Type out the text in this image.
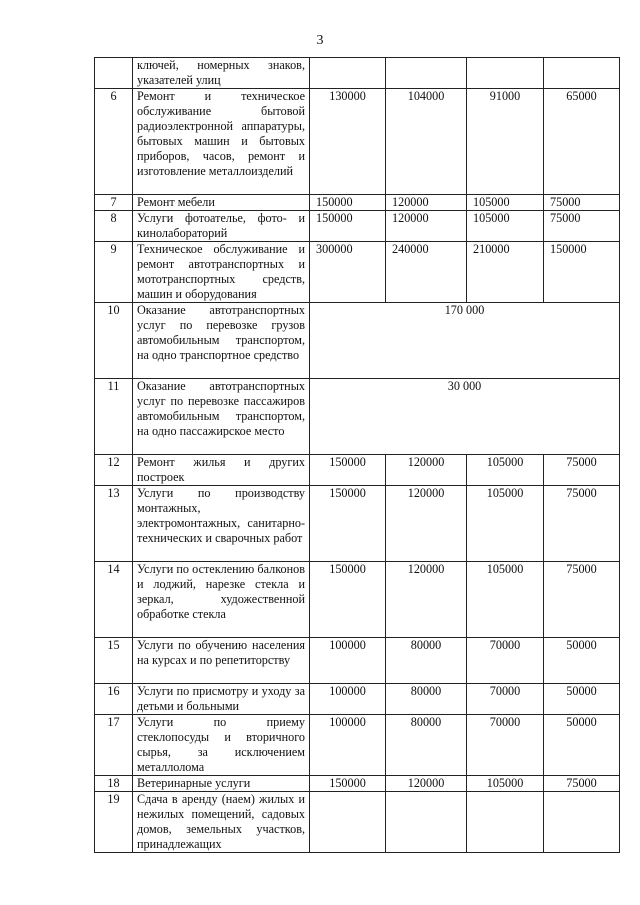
3
	ключей, номерных знаков, указателей улиц				
6	Ремонт и техническое обслуживание бытовой радиоэлектронной аппаратуры, бытовых машин и бытовых приборов, часов, ремонт и изготовление металлоизделий	130000	104000	91000	65000
7	Ремонт мебели	150000	120000	105000	75000
8	Услуги фотоателье, фото- и кинолабораторий	150000	120000	105000	75000
9	Техническое обслуживание и ремонт автотранспортных и мототранспортных средств, машин и оборудования	300000	240000	210000	150000
10	Оказание автотранспортных услуг по перевозке грузов автомобильным транспортом, на одно транспортное средство	170 000			
11	Оказание автотранспортных услуг по перевозке пассажиров автомобильным транспортом, на одно пассажирское место	30 000			
12	Ремонт жилья и других построек	150000	120000	105000	75000
13	Услуги по производству монтажных, электромонтажных, санитарно-технических и сварочных работ	150000	120000	105000	75000
14	Услуги по остеклению балконов и лоджий, нарезке стекла и зеркал, художественной обработке стекла	150000	120000	105000	75000
15	Услуги по обучению населения на курсах и по репетиторству	100000	80000	70000	50000
16	Услуги по присмотру и уходу за детьми и больными	100000	80000	70000	50000
17	Услуги по приему стеклопосуды и вторичного сырья, за исключением металлолома	100000	80000	70000	50000
18	Ветеринарные услуги	150000	120000	105000	75000
19	Сдача в аренду (наем) жилых и нежилых помещений, садовых домов, земельных участков, принадлежащих				
